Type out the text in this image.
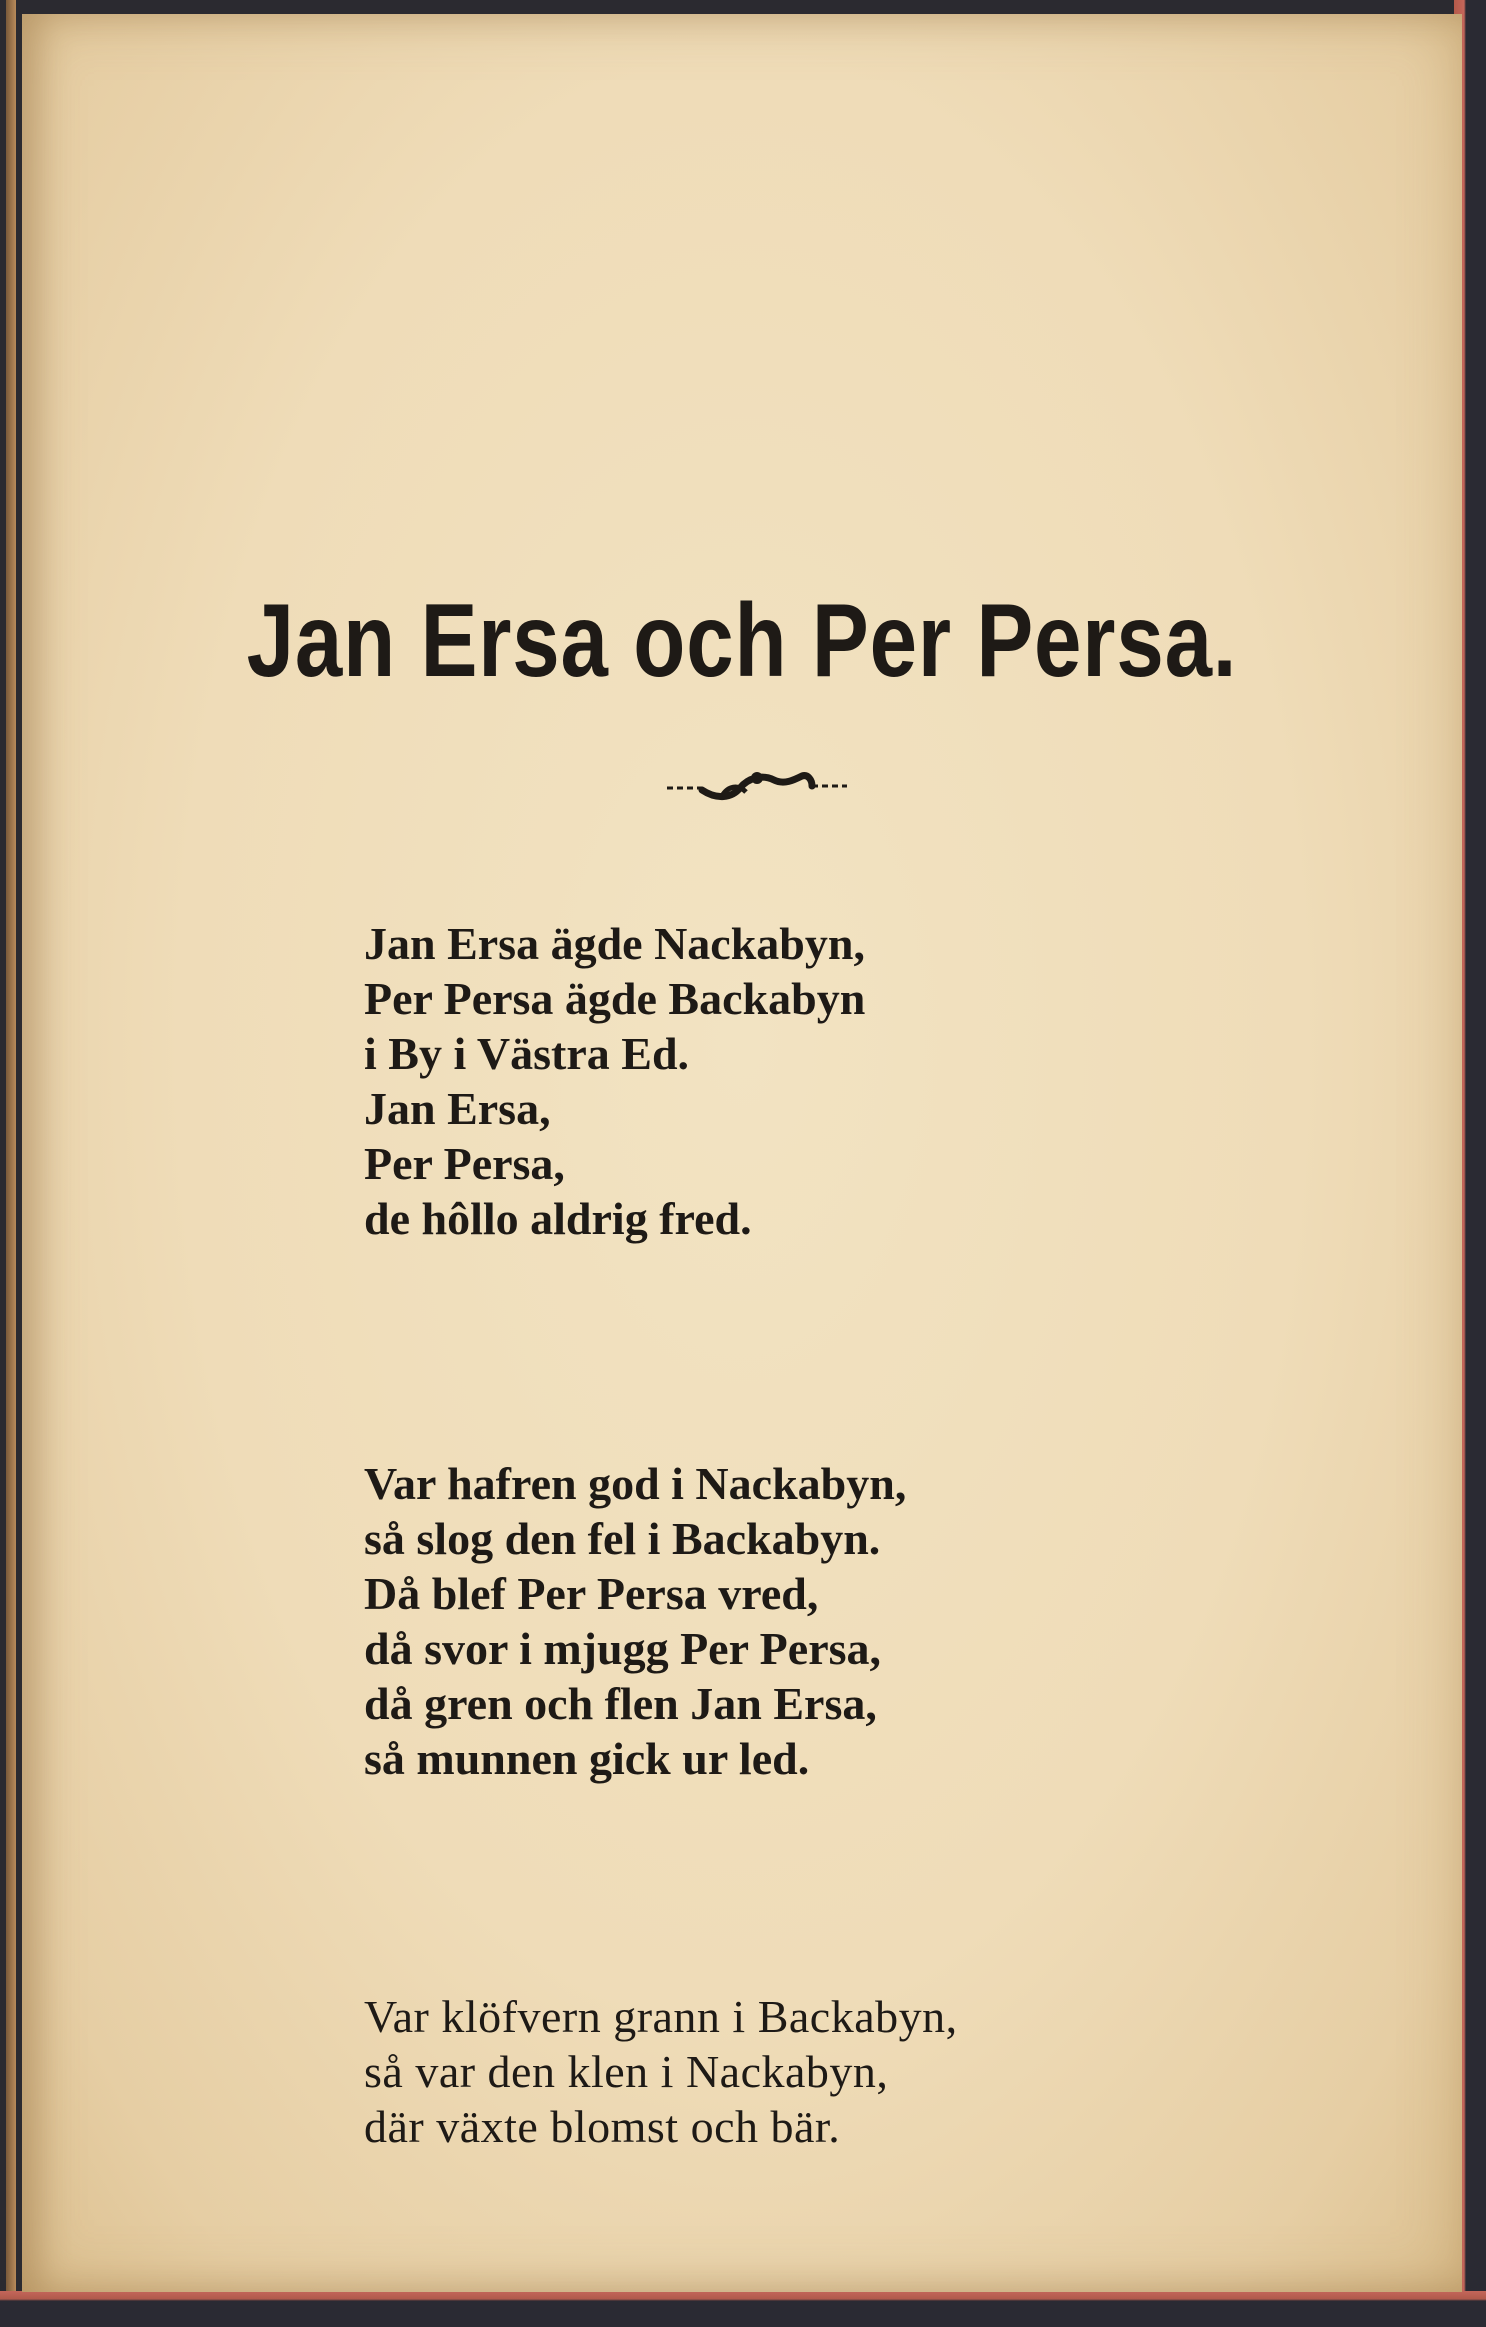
Jan Ersa och Per Persa.
Jan Ersa ägde Nackabyn,
Per Persa ägde Backabyn
i By i Västra Ed.
Jan Ersa,
Per Persa,
de hôllo aldrig fred.
Var hafren god i Nackabyn,
så slog den fel i Backabyn.
Då blef Per Persa vred,
då svor i mjugg Per Persa,
då gren och flen Jan Ersa,
så munnen gick ur led.
Var klöfvern grann i Backabyn,
så var den klen i Nackabyn,
där växte blomst och bär.
